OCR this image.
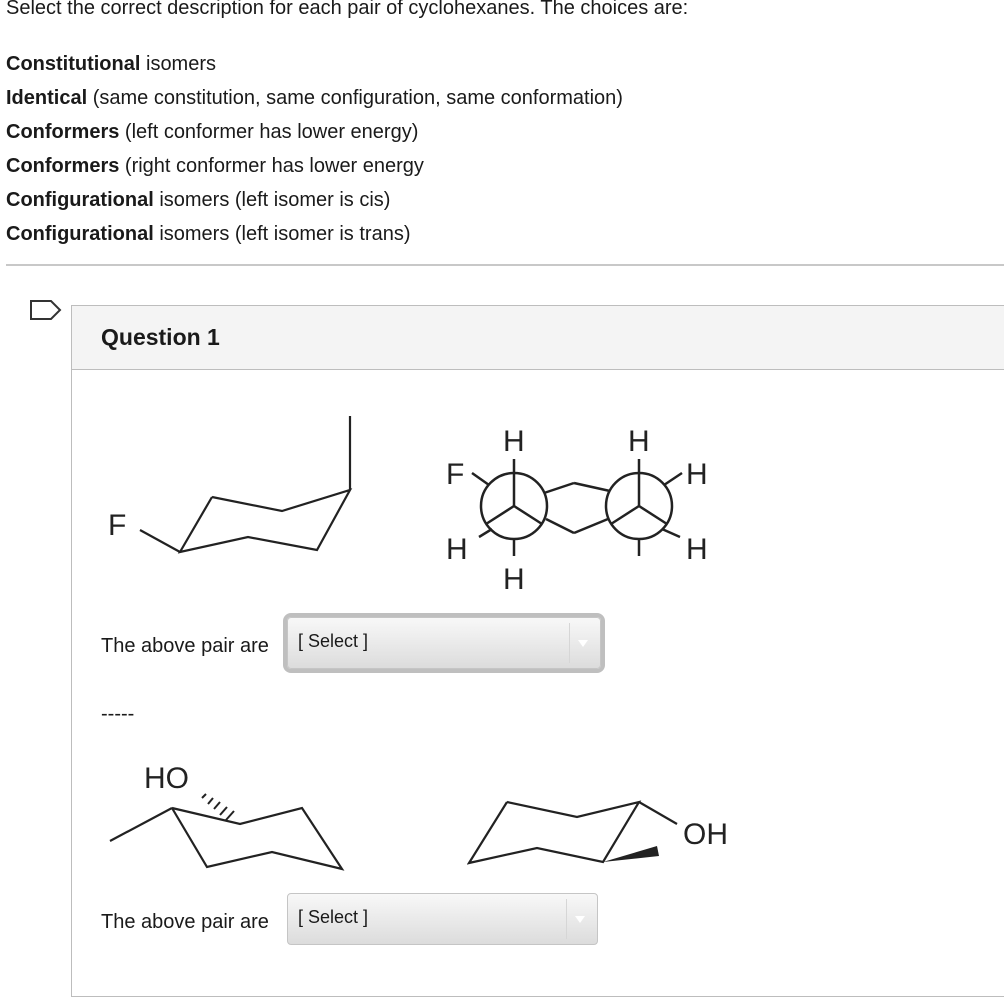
Select the correct description for each pair of cyclohexanes. The choices are:
Constitutional isomers
Identical (same constitution, same configuration, same conformation)
Conformers (left conformer has lower energy)
Conformers (right conformer has lower energy
Configurational isomers (left isomer is cis)
Configurational isomers (left isomer is trans)
Question 1
F
H	H
F	H
H	H
H
The above pair are [ Select ]
-----
HO
OH
The above pair are [ Select ]
